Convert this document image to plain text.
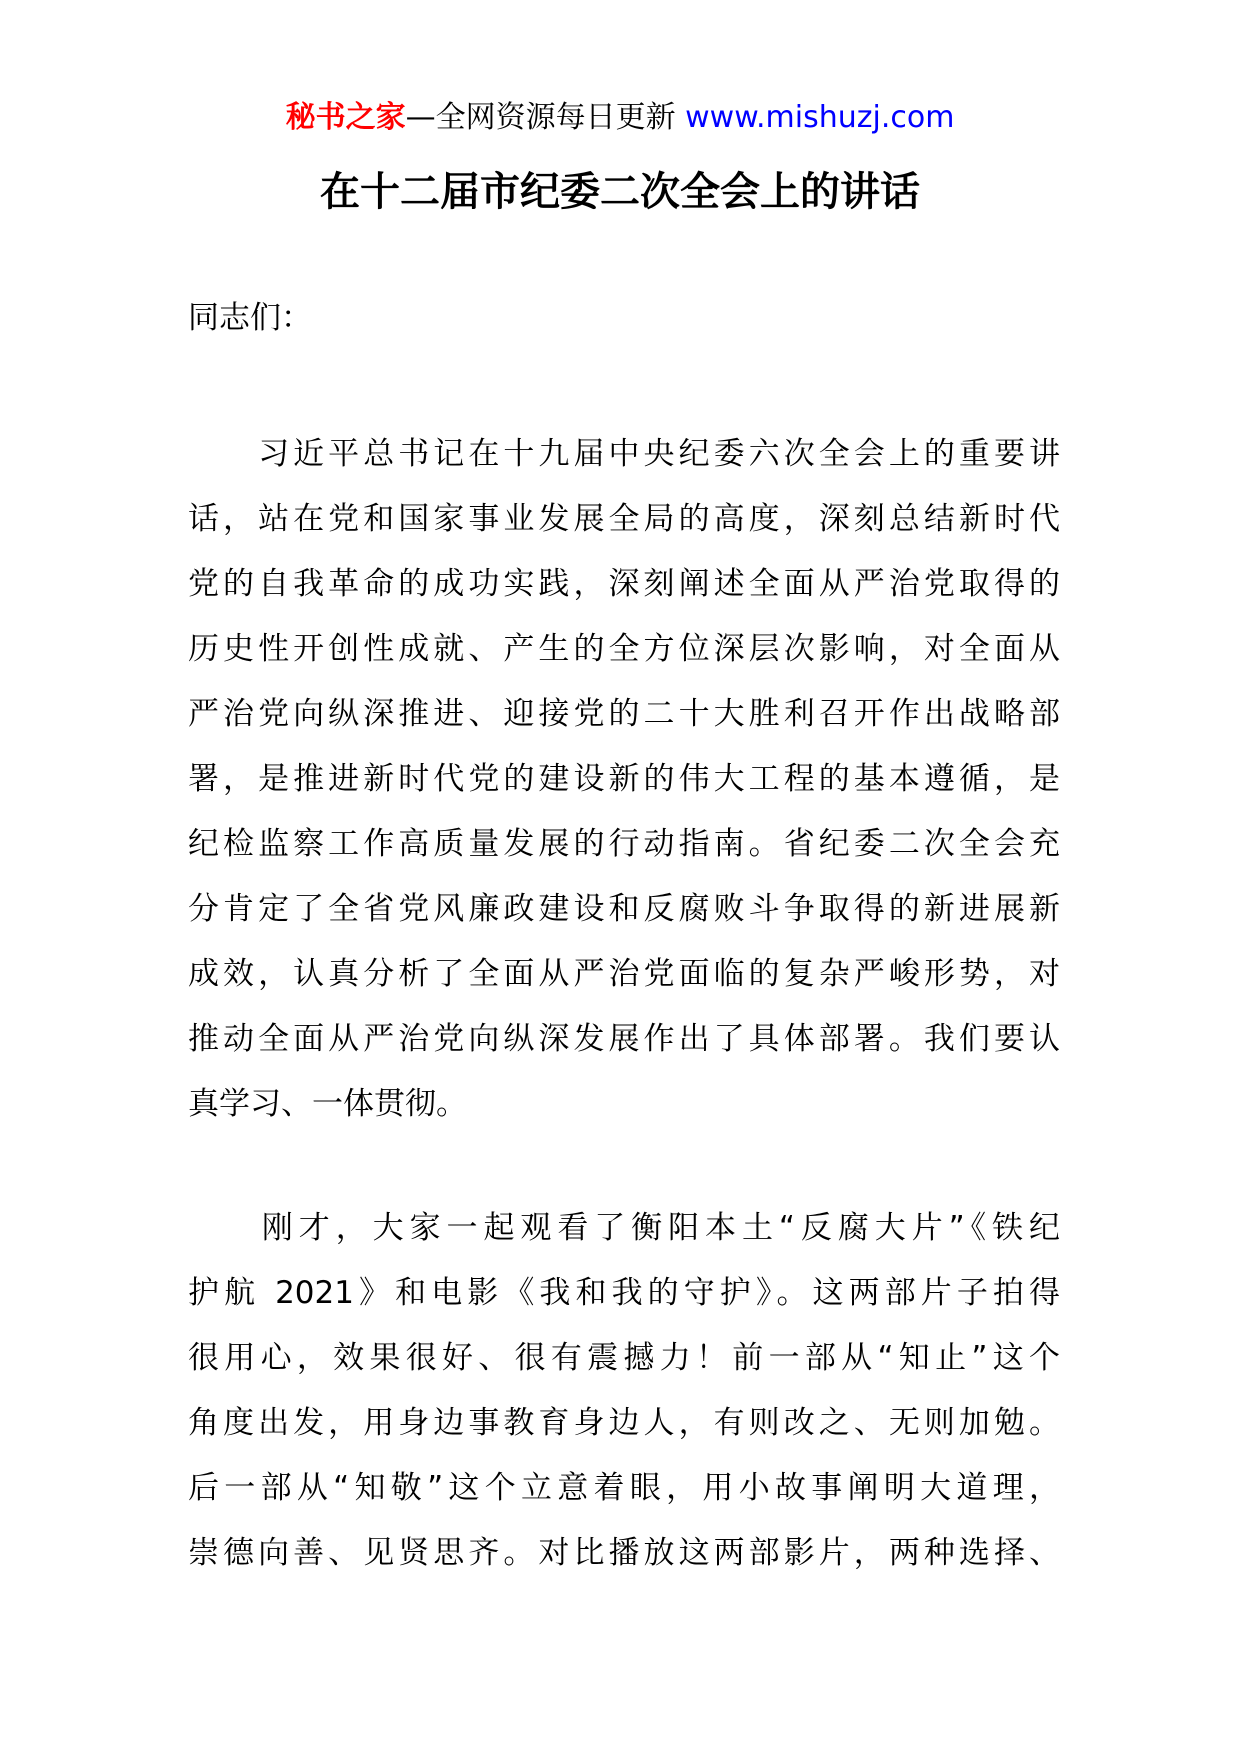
秘书之家—全网资源每日更新 www.mishuzj.com
在十二届市纪委二次全会上的讲话

同志们：

　　习近平总书记在十九届中央纪委六次全会上的重要讲
话，站在党和国家事业发展全局的高度，深刻总结新时代
党的自我革命的成功实践，深刻阐述全面从严治党取得的
历史性开创性成就、产生的全方位深层次影响，对全面从
严治党向纵深推进、迎接党的二十大胜利召开作出战略部
署，是推进新时代党的建设新的伟大工程的基本遵循，是
纪检监察工作高质量发展的行动指南。省纪委二次全会充
分肯定了全省党风廉政建设和反腐败斗争取得的新进展新
成效，认真分析了全面从严治党面临的复杂严峻形势，对
推动全面从严治党向纵深发展作出了具体部署。我们要认
真学习、一体贯彻。
　　刚才，大家一起观看了衡阳本土“反腐大片”《铁纪
护航 2021》和电影《我和我的守护》。这两部片子拍得
很用心，效果很好、很有震撼力！前一部从“知止”这个
角度出发，用身边事教育身边人，有则改之、无则加勉。
后一部从“知敬”这个立意着眼，用小故事阐明大道理，
崇德向善、见贤思齐。对比播放这两部影片，两种选择、
